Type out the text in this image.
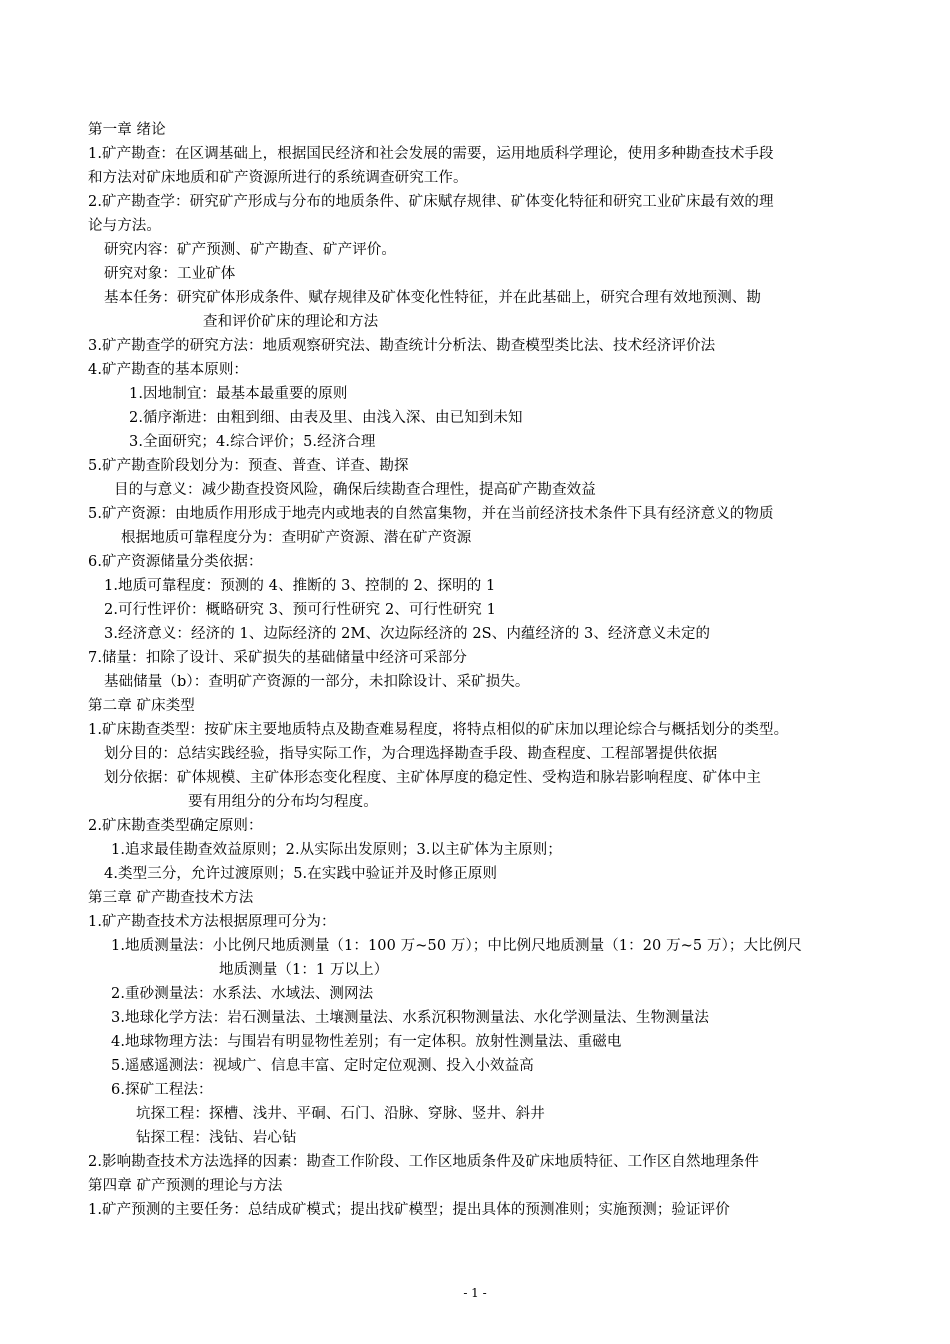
第一章 绪论
1.矿产勘查：在区调基础上，根据国民经济和社会发展的需要，运用地质科学理论，使用多种勘查技术手段
和方法对矿床地质和矿产资源所进行的系统调查研究工作。
2.矿产勘查学：研究矿产形成与分布的地质条件、矿床赋存规律、矿体变化特征和研究工业矿床最有效的理
论与方法。
研究内容：矿产预测、矿产勘查、矿产评价。
研究对象：工业矿体
基本任务：研究矿体形成条件、赋存规律及矿体变化性特征，并在此基础上，研究合理有效地预测、勘
查和评价矿床的理论和方法
3.矿产勘查学的研究方法：地质观察研究法、勘查统计分析法、勘查模型类比法、技术经济评价法
4.矿产勘查的基本原则：
1.因地制宜：最基本最重要的原则
2.循序渐进：由粗到细、由表及里、由浅入深、由已知到未知
3.全面研究；4.综合评价；5.经济合理
5.矿产勘查阶段划分为：预查、普查、详查、勘探
目的与意义：减少勘查投资风险，确保后续勘查合理性，提高矿产勘查效益
5.矿产资源：由地质作用形成于地壳内或地表的自然富集物，并在当前经济技术条件下具有经济意义的物质
根据地质可靠程度分为：查明矿产资源、潜在矿产资源
6.矿产资源储量分类依据：
1.地质可靠程度：预测的 4、推断的 3、控制的 2、探明的 1
2.可行性评价：概略研究 3、预可行性研究 2、可行性研究 1
3.经济意义：经济的 1、边际经济的 2M、次边际经济的 2S、内蕴经济的 3、经济意义未定的
7.储量：扣除了设计、采矿损失的基础储量中经济可采部分
基础储量（b）：查明矿产资源的一部分，未扣除设计、采矿损失。
第二章 矿床类型
1.矿床勘查类型：按矿床主要地质特点及勘查难易程度，将特点相似的矿床加以理论综合与概括划分的类型。
划分目的：总结实践经验，指导实际工作，为合理选择勘查手段、勘查程度、工程部署提供依据
划分依据：矿体规模、主矿体形态变化程度、主矿体厚度的稳定性、受构造和脉岩影响程度、矿体中主
要有用组分的分布均匀程度。
2.矿床勘查类型确定原则：
1.追求最佳勘查效益原则；2.从实际出发原则；3.以主矿体为主原则；
4.类型三分，允许过渡原则；5.在实践中验证并及时修正原则
第三章 矿产勘查技术方法
1.矿产勘查技术方法根据原理可分为：
1.地质测量法：小比例尺地质测量（1：100 万~50 万）；中比例尺地质测量（1：20 万~5 万）；大比例尺
地质测量（1：1 万以上）
2.重砂测量法：水系法、水域法、测网法
3.地球化学方法：岩石测量法、土壤测量法、水系沉积物测量法、水化学测量法、生物测量法
4.地球物理方法：与围岩有明显物性差别；有一定体积。放射性测量法、重磁电
5.遥感遥测法：视域广、信息丰富、定时定位观测、投入小效益高
6.探矿工程法：
坑探工程：探槽、浅井、平硐、石门、沿脉、穿脉、竖井、斜井
钻探工程：浅钻、岩心钻
2.影响勘查技术方法选择的因素：勘查工作阶段、工作区地质条件及矿床地质特征、工作区自然地理条件
第四章 矿产预测的理论与方法
1.矿产预测的主要任务：总结成矿模式；提出找矿模型；提出具体的预测准则；实施预测；验证评价
- 1 -
